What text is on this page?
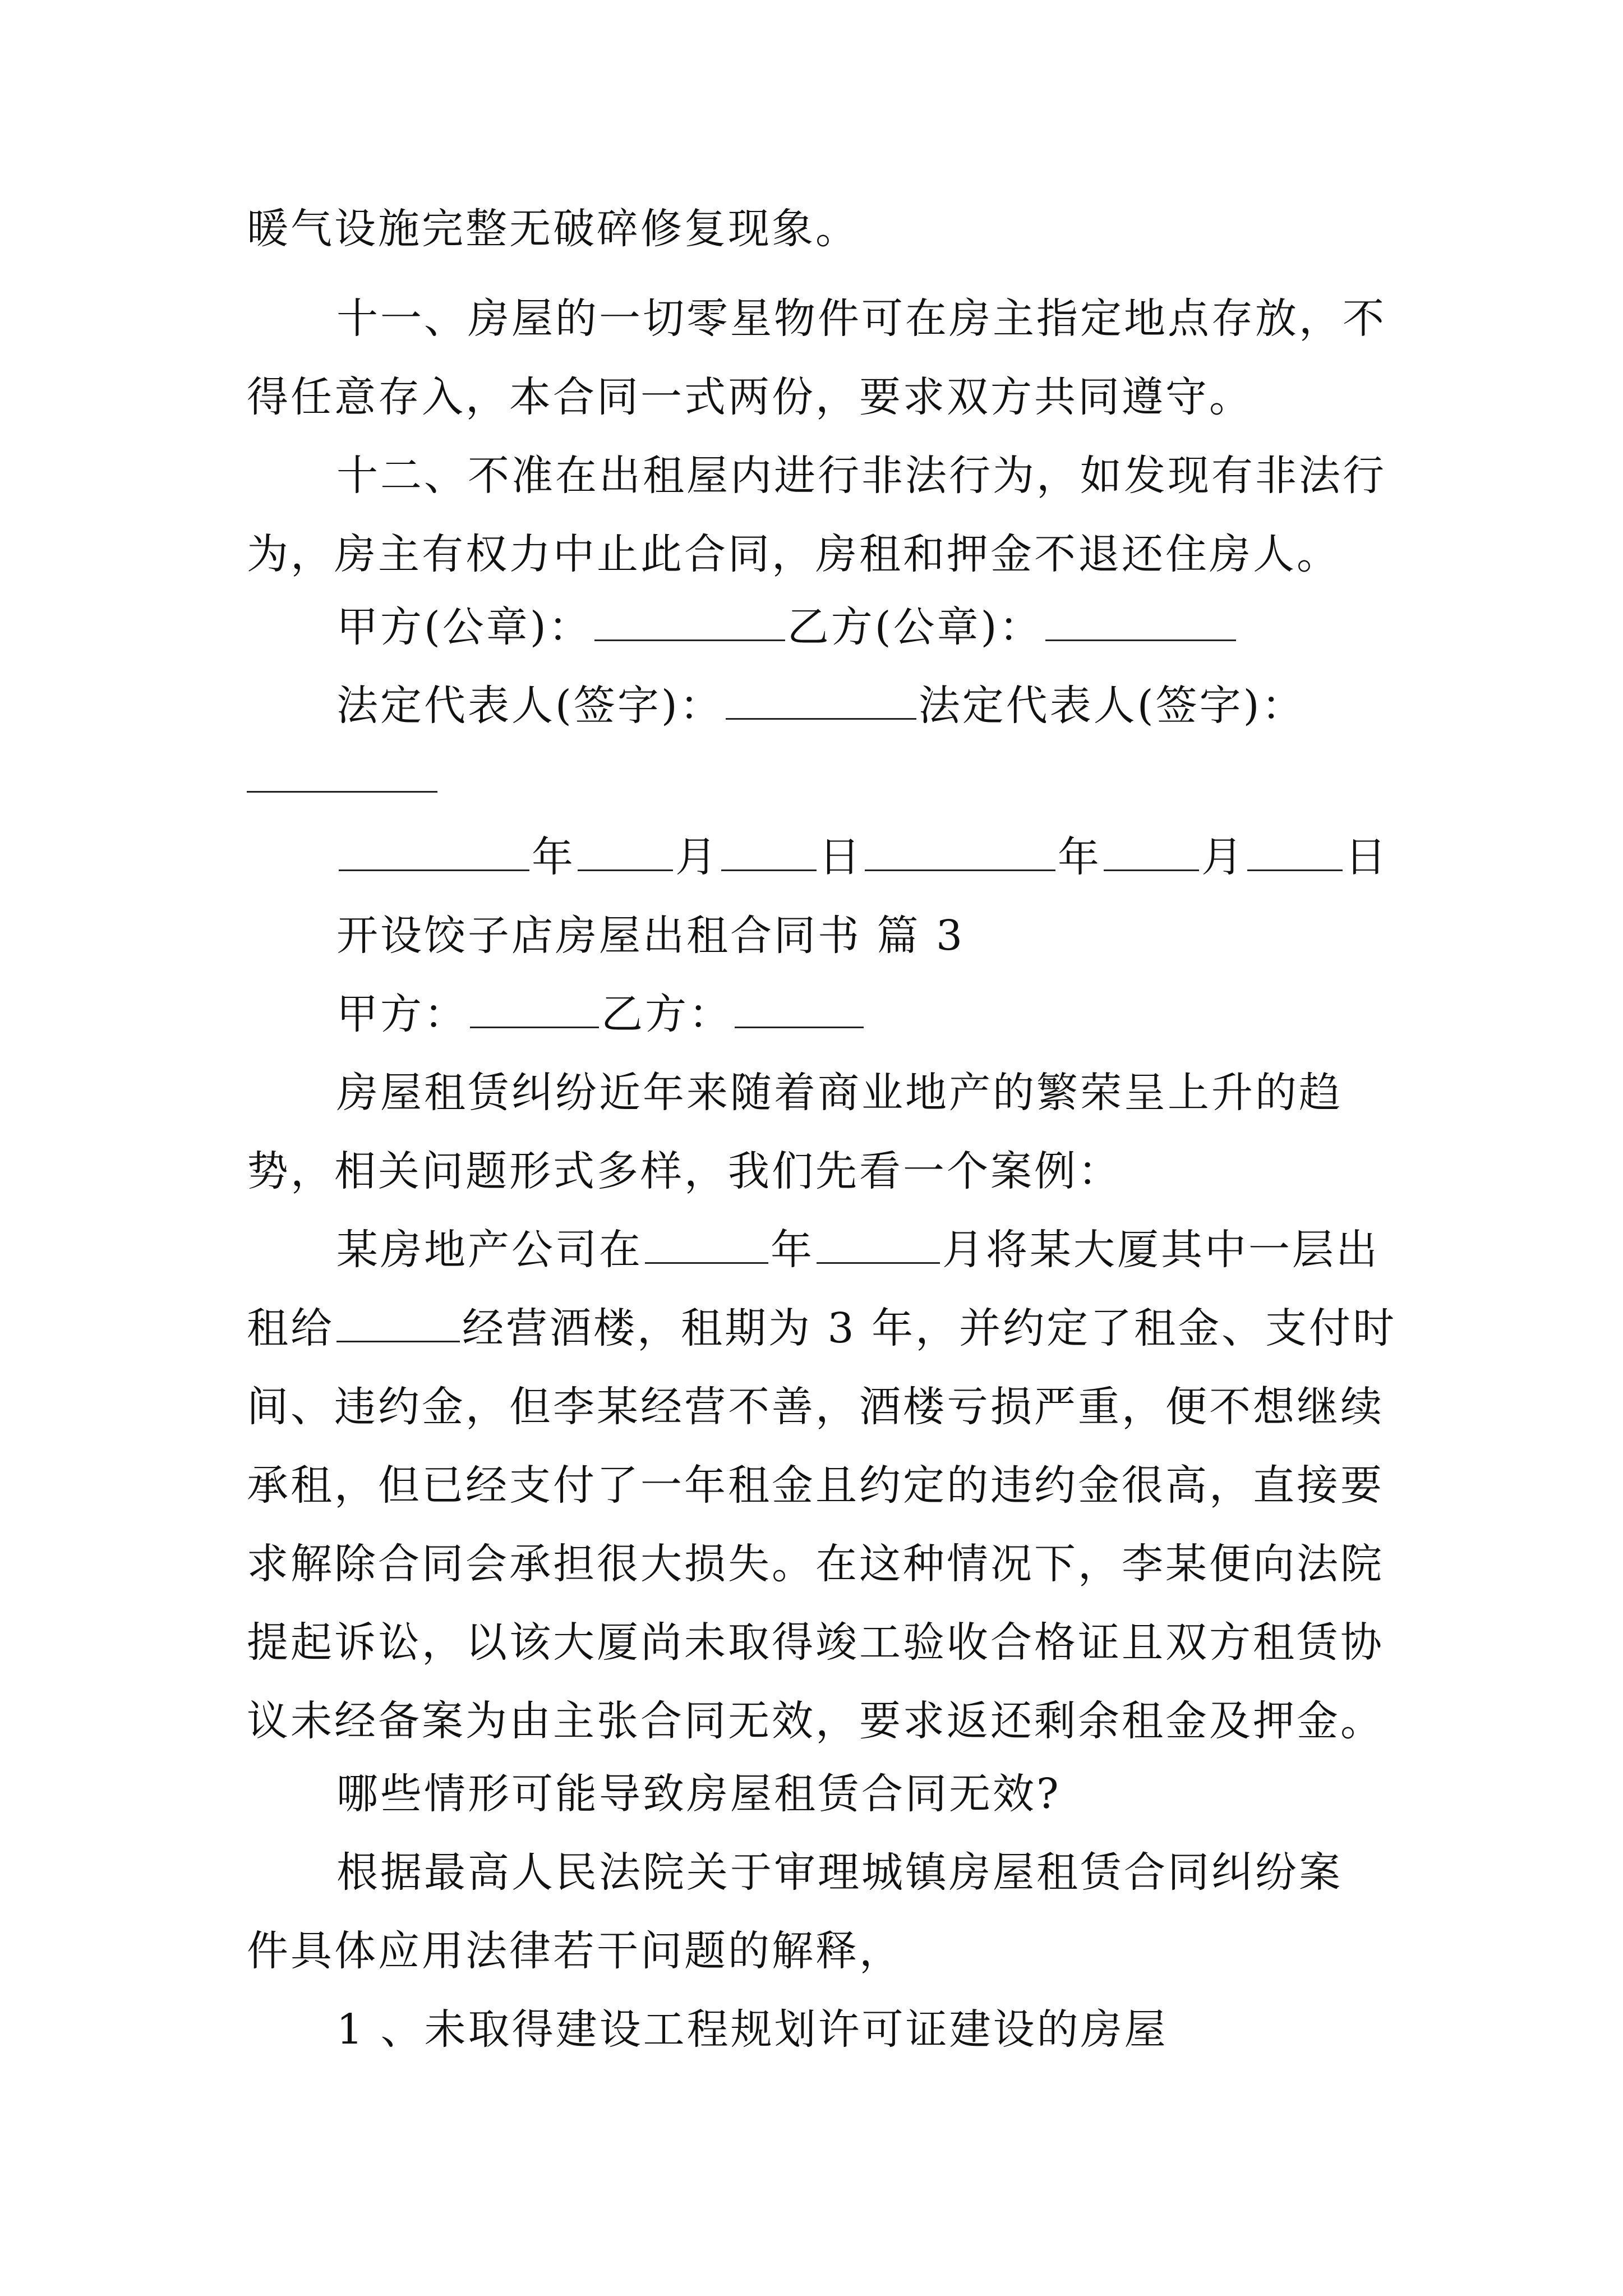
暖气设施完整无破碎修复现象。
十一、房屋的一切零星物件可在房主指定地点存放，不
得任意存入，本合同一式两份，要求双方共同遵守。
十二、不准在出租屋内进行非法行为，如发现有非法行
为，房主有权力中止此合同，房租和押金不退还住房人。
甲方(公章)：	乙方(公章)：
法定代表人(签字)：	法定代表人(签字)：
年 月 日	年 月 日
开设饺子店房屋出租合同书 篇 3
甲方：	乙方：
房屋租赁纠纷近年来随着商业地产的繁荣呈上升的趋
势，相关问题形式多样，我们先看一个案例：
某房地产公司在	年	月将某大厦其中一层出
租给	经营酒楼，租期为 3 年，并约定了租金、支付时
间、违约金，但李某经营不善，酒楼亏损严重，便不想继续
承租，但已经支付了一年租金且约定的违约金很高，直接要
求解除合同会承担很大损失。在这种情况下，李某便向法院
提起诉讼，以该大厦尚未取得竣工验收合格证且双方租赁协
议未经备案为由主张合同无效，要求返还剩余租金及押金。
哪些情形可能导致房屋租赁合同无效?
根据最高人民法院关于审理城镇房屋租赁合同纠纷案
件具体应用法律若干问题的解释，
1 、未取得建设工程规划许可证建设的房屋
